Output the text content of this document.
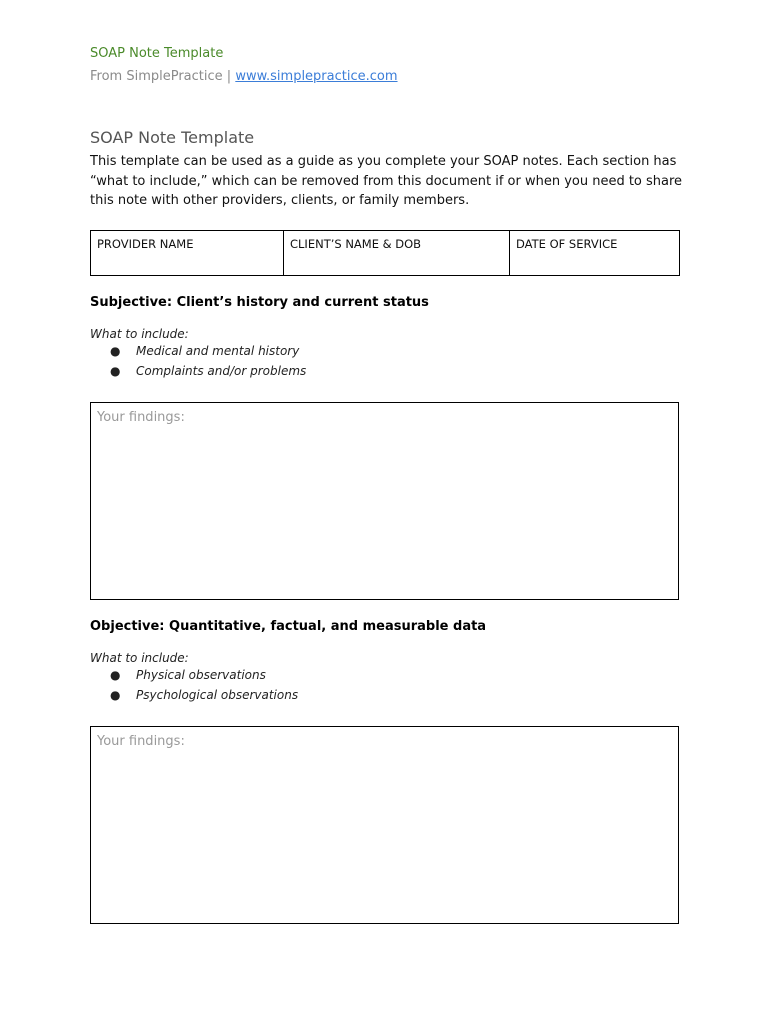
SOAP Note Template
From SimplePractice | www.simplepractice.com
SOAP Note Template
This template can be used as a guide as you complete your SOAP notes. Each section has “what to include,” which can be removed from this document if or when you need to share this note with other providers, clients, or family members.
PROVIDER NAME	CLIENT’S NAME & DOB	DATE OF SERVICE
Subjective: Client’s history and current status
What to include:
● Medical and mental history
● Complaints and/or problems
Your findings:
Objective: Quantitative, factual, and measurable data
What to include:
● Physical observations
● Psychological observations
Your findings:
